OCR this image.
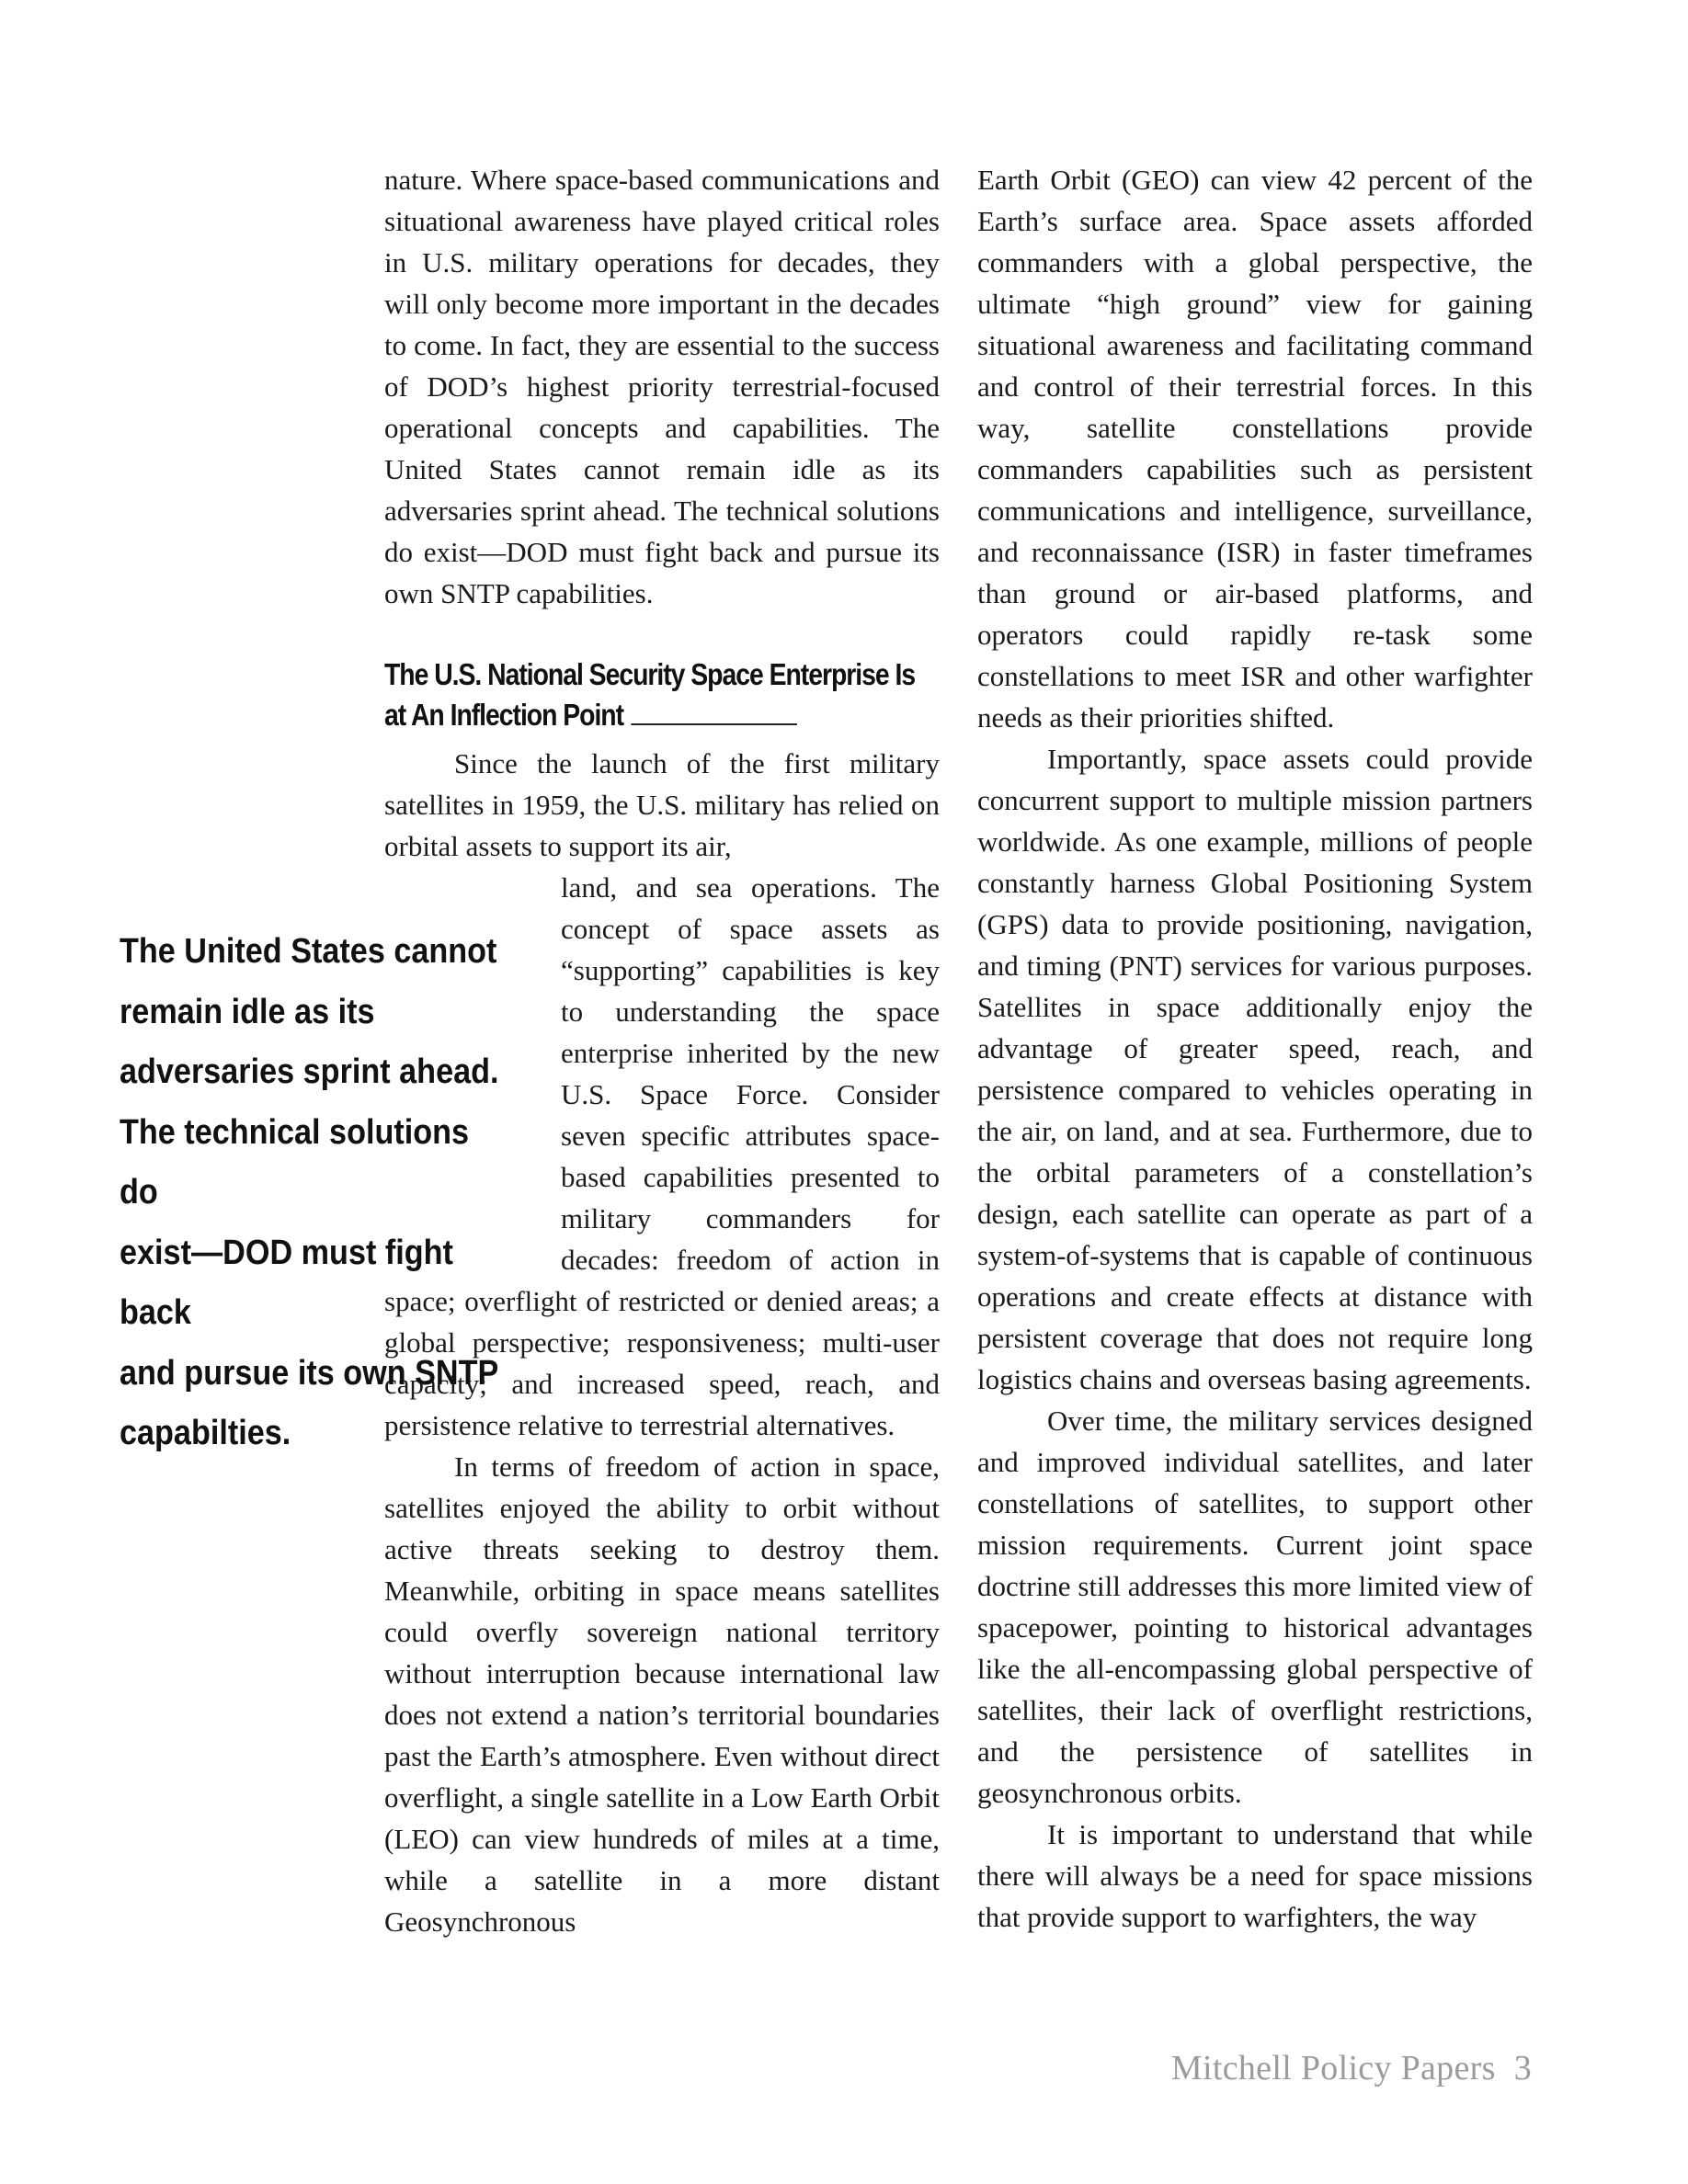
nature. Where space-based communications and situational awareness have played critical roles in U.S. military operations for decades, they will only become more important in the decades to come. In fact, they are essential to the success of DOD’s highest priority terrestrial-focused operational concepts and capabilities. The United States cannot remain idle as its adversaries sprint ahead. The technical solutions do exist—DOD must fight back and pursue its own SNTP capabilities.

The U.S. National Security Space Enterprise Is at An Inflection Point

Since the launch of the first military satellites in 1959, the U.S. military has relied on orbital assets to support its air,

land, and sea operations. The concept of space assets as “supporting” capabilities is key to understanding the space enterprise inherited by the new U.S. Space Force. Consider seven specific attributes space-based capabilities presented to military commanders for decades: freedom of action in space; overflight of restricted or denied areas; a global perspective; responsiveness; multi-user capacity; and increased speed, reach, and persistence relative to terrestrial alternatives.

In terms of freedom of action in space, satellites enjoyed the ability to orbit without active threats seeking to destroy them. Meanwhile, orbiting in space means satellites could overfly sovereign national territory without interruption because international law does not extend a nation’s territorial boundaries past the Earth’s atmosphere. Even without direct overflight, a single satellite in a Low Earth Orbit (LEO) can view hundreds of miles at a time, while a satellite in a more distant Geosynchronous

Earth Orbit (GEO) can view 42 percent of the Earth’s surface area. Space assets afforded commanders with a global perspective, the ultimate “high ground” view for gaining situational awareness and facilitating command and control of their terrestrial forces. In this way, satellite constellations provide commanders capabilities such as persistent communications and intelligence, surveillance, and reconnaissance (ISR) in faster timeframes than ground or air-based platforms, and operators could rapidly re-task some constellations to meet ISR and other warfighter needs as their priorities shifted.

Importantly, space assets could provide concurrent support to multiple mission partners worldwide. As one example, millions of people constantly harness Global Positioning System (GPS) data to provide positioning, navigation, and timing (PNT) services for various purposes. Satellites in space additionally enjoy the advantage of greater speed, reach, and persistence compared to vehicles operating in the air, on land, and at sea. Furthermore, due to the orbital parameters of a constellation’s design, each satellite can operate as part of a system-of-systems that is capable of continuous operations and create effects at distance with persistent coverage that does not require long logistics chains and overseas basing agreements.

Over time, the military services designed and improved individual satellites, and later constellations of satellites, to support other mission requirements. Current joint space doctrine still addresses this more limited view of spacepower, pointing to historical advantages like the all-encompassing global perspective of satellites, their lack of overflight restrictions, and the persistence of satellites in geosynchronous orbits.

It is important to understand that while there will always be a need for space missions that provide support to warfighters, the way

The United States cannot
remain idle as its
adversaries sprint ahead.
The technical solutions do
exist—DOD must fight back
and pursue its own SNTP
capabilties.
Mitchell Policy Papers 3
